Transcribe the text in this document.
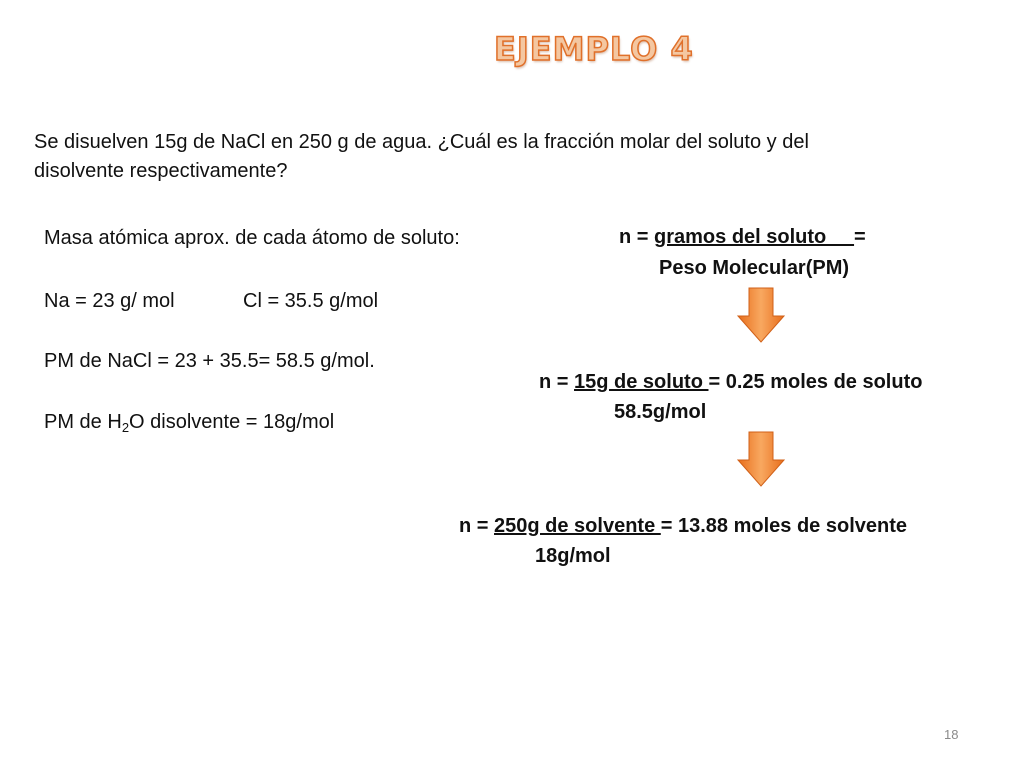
EJEMPLO 4
Se disuelven 15g de NaCl en 250 g de agua. ¿Cuál es la fracción molar del soluto y del
disolvente respectivamente?
Masa atómica aprox. de cada átomo de soluto:
Na = 23 g/ mol	Cl = 35.5 g/mol
PM de NaCl = 23 + 35.5= 58.5 g/mol.
PM de $H_2O$ disolvente = 18g/mol
n = gramos del soluto     =
Peso Molecular(PM)
n = 15g de soluto = 0.25 moles de soluto
58.5g/mol
n = 250g de solvente = 13.88 moles de solvente
18g/mol
18
